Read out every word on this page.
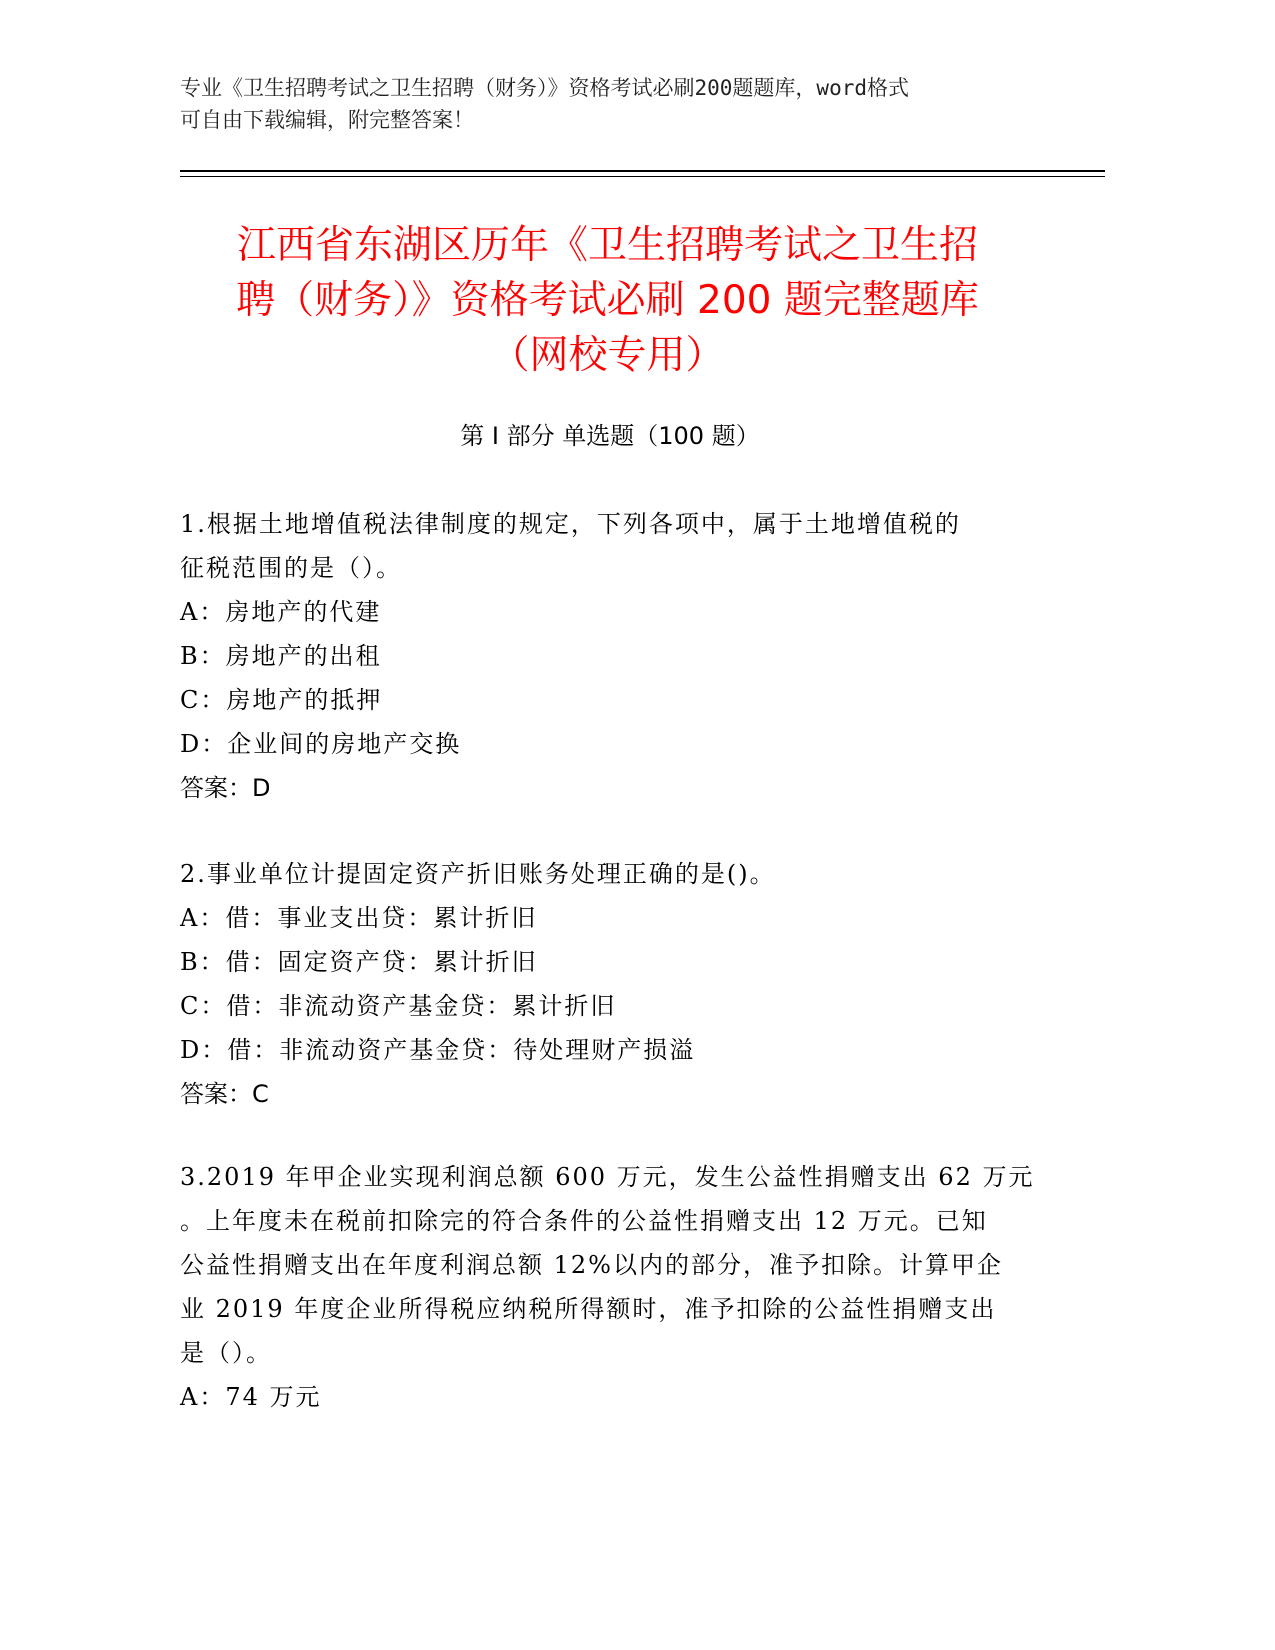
专业《卫生招聘考试之卫生招聘（财务）》资格考试必刷200题题库，word格式
可自由下载编辑，附完整答案！
江西省东湖区历年《卫生招聘考试之卫生招
聘（财务）》资格考试必刷 200 题完整题库
（网校专用）
第 I 部分 单选题（100 题）
1.根据土地增值税法律制度的规定，下列各项中，属于土地增值税的
征税范围的是（）。
A：房地产的代建
B：房地产的出租
C：房地产的抵押
D：企业间的房地产交换
答案：D
2.事业单位计提固定资产折旧账务处理正确的是()。
A：借：事业支出贷：累计折旧
B：借：固定资产贷：累计折旧
C：借：非流动资产基金贷：累计折旧
D：借：非流动资产基金贷：待处理财产损溢
答案：C
3.2019 年甲企业实现利润总额 600 万元，发生公益性捐赠支出 62 万元
。上年度未在税前扣除完的符合条件的公益性捐赠支出 12 万元。已知
公益性捐赠支出在年度利润总额 12%以内的部分，准予扣除。计算甲企
业 2019 年度企业所得税应纳税所得额时，准予扣除的公益性捐赠支出
是（）。
A：74 万元
